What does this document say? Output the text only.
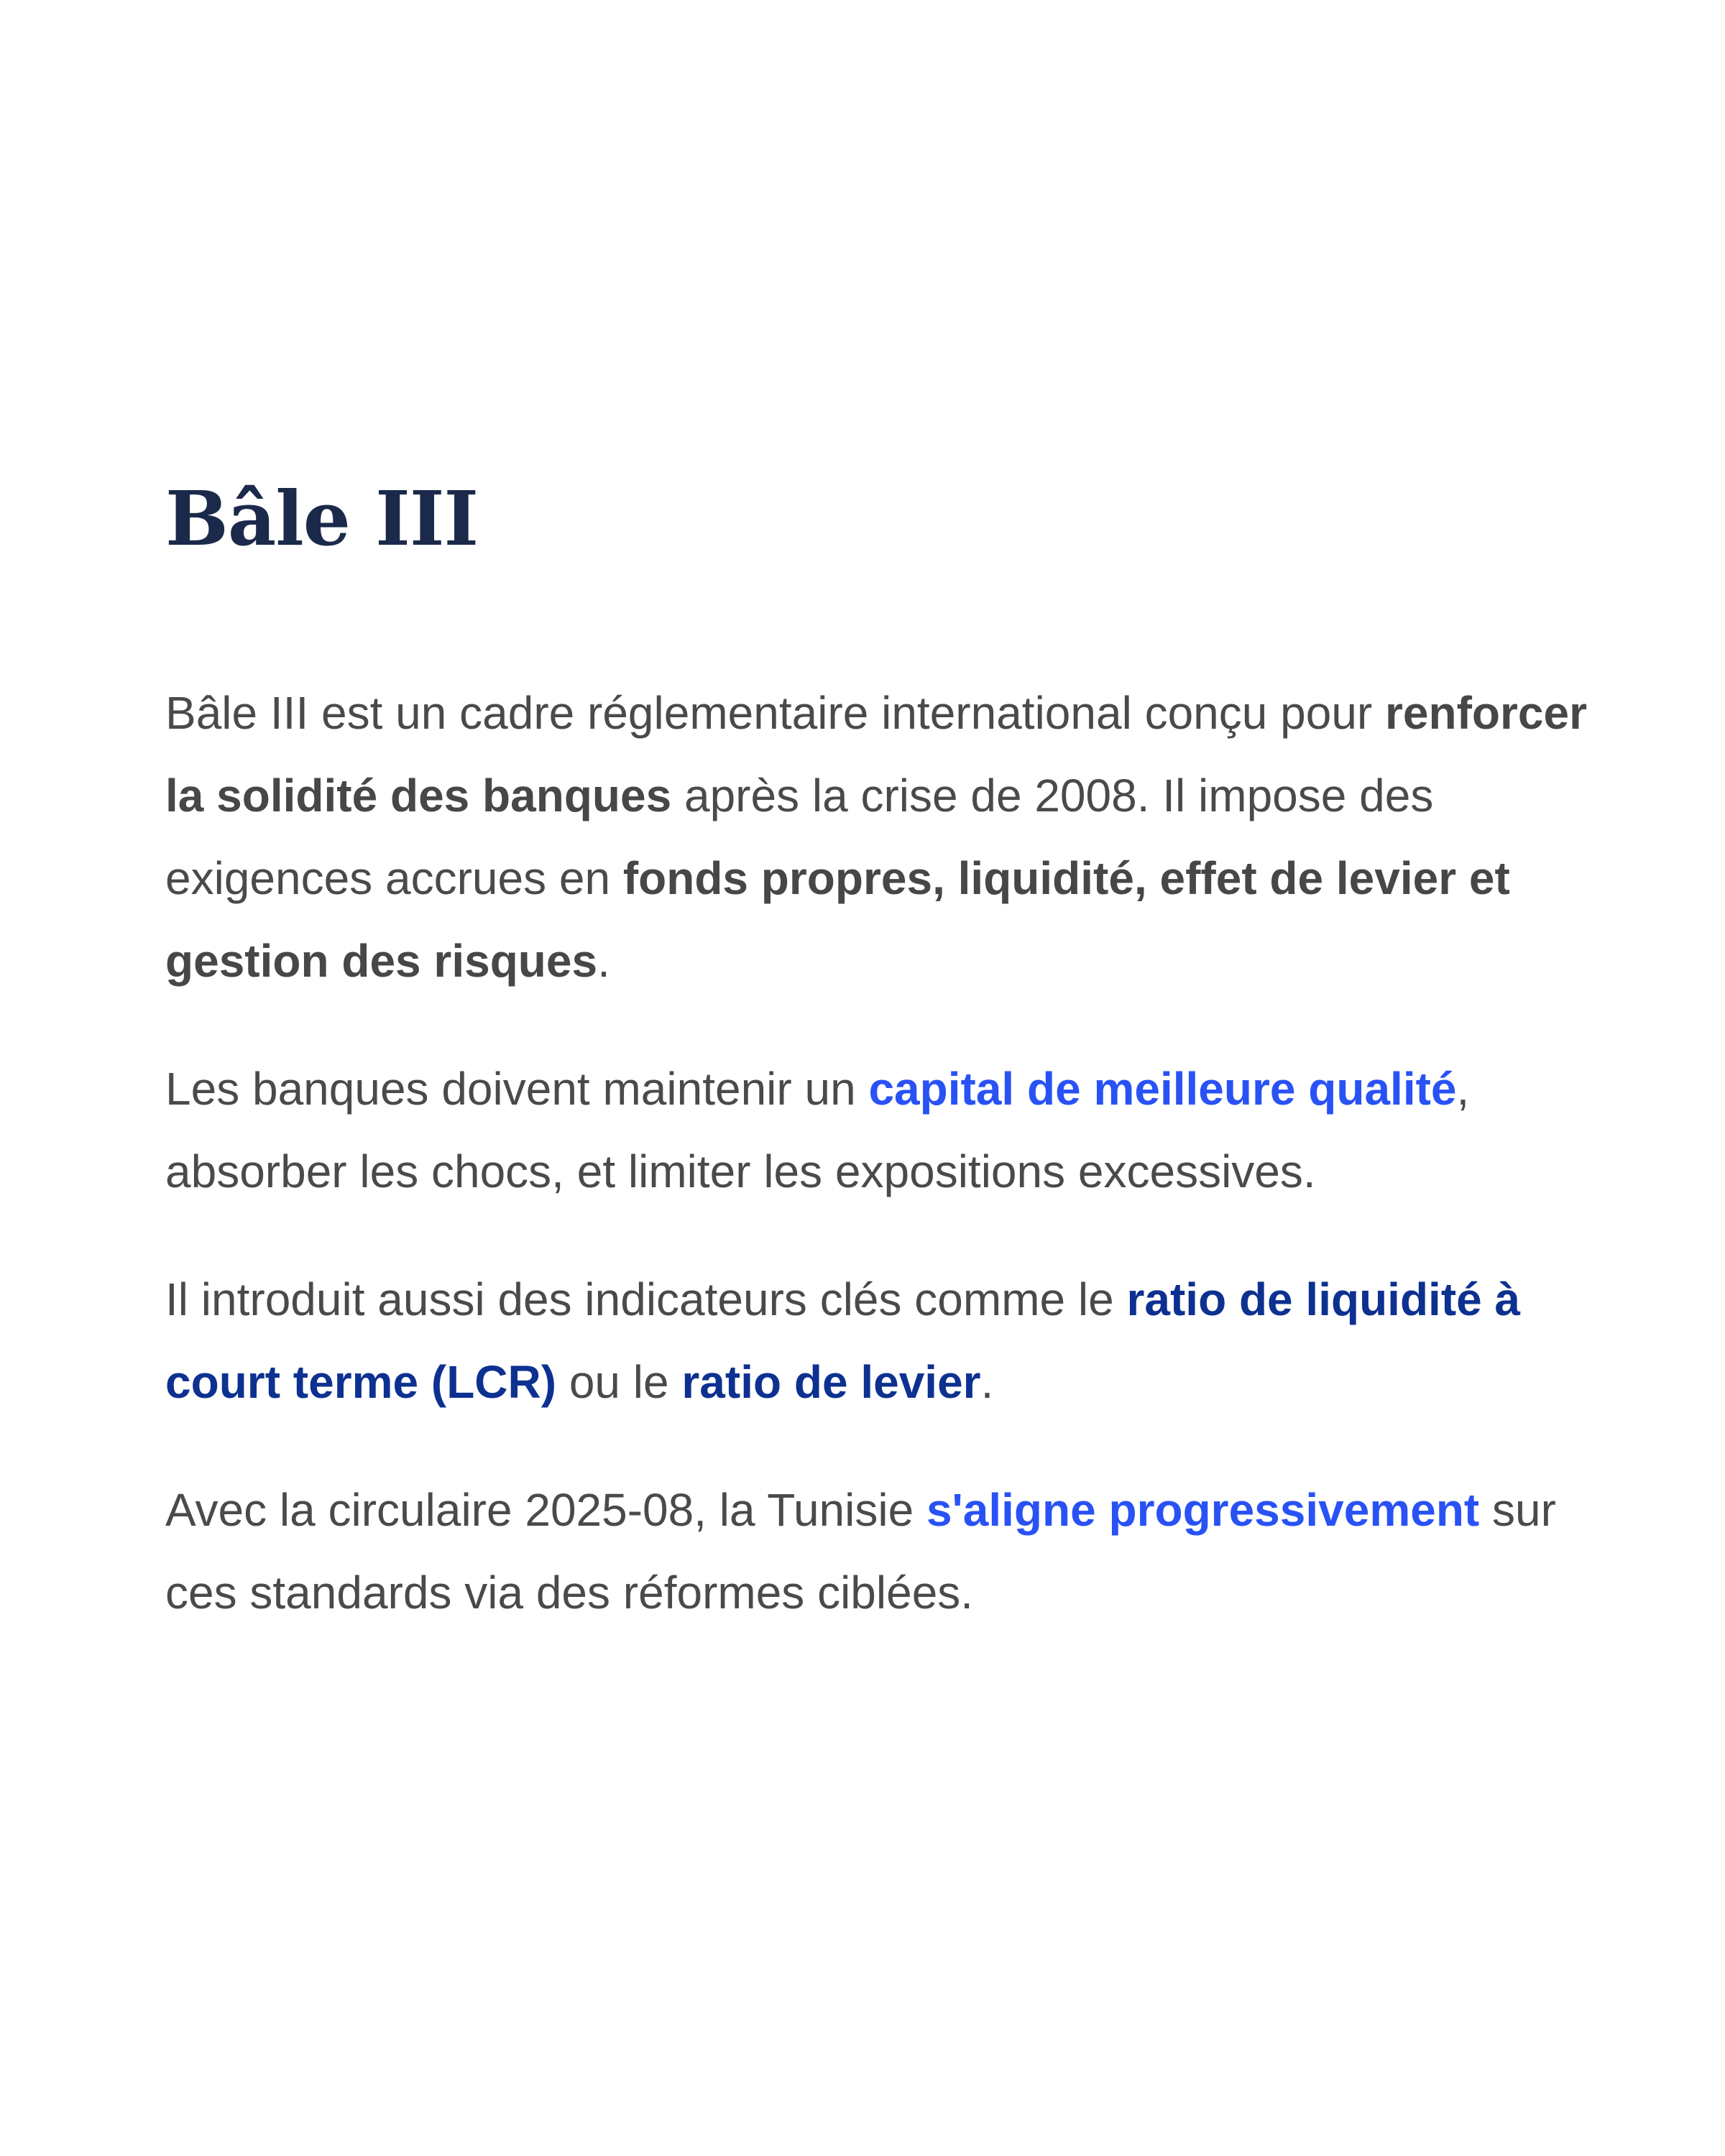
Bâle III

Bâle III est un cadre réglementaire international conçu pour renforcer la solidité des banques après la crise de 2008. Il impose des exigences accrues en fonds propres, liquidité, effet de levier et gestion des risques.

Les banques doivent maintenir un capital de meilleure qualité, absorber les chocs, et limiter les expositions excessives.

Il introduit aussi des indicateurs clés comme le ratio de liquidité à court terme (LCR) ou le ratio de levier.

Avec la circulaire 2025-08, la Tunisie s'aligne progressivement sur ces standards via des réformes ciblées.
